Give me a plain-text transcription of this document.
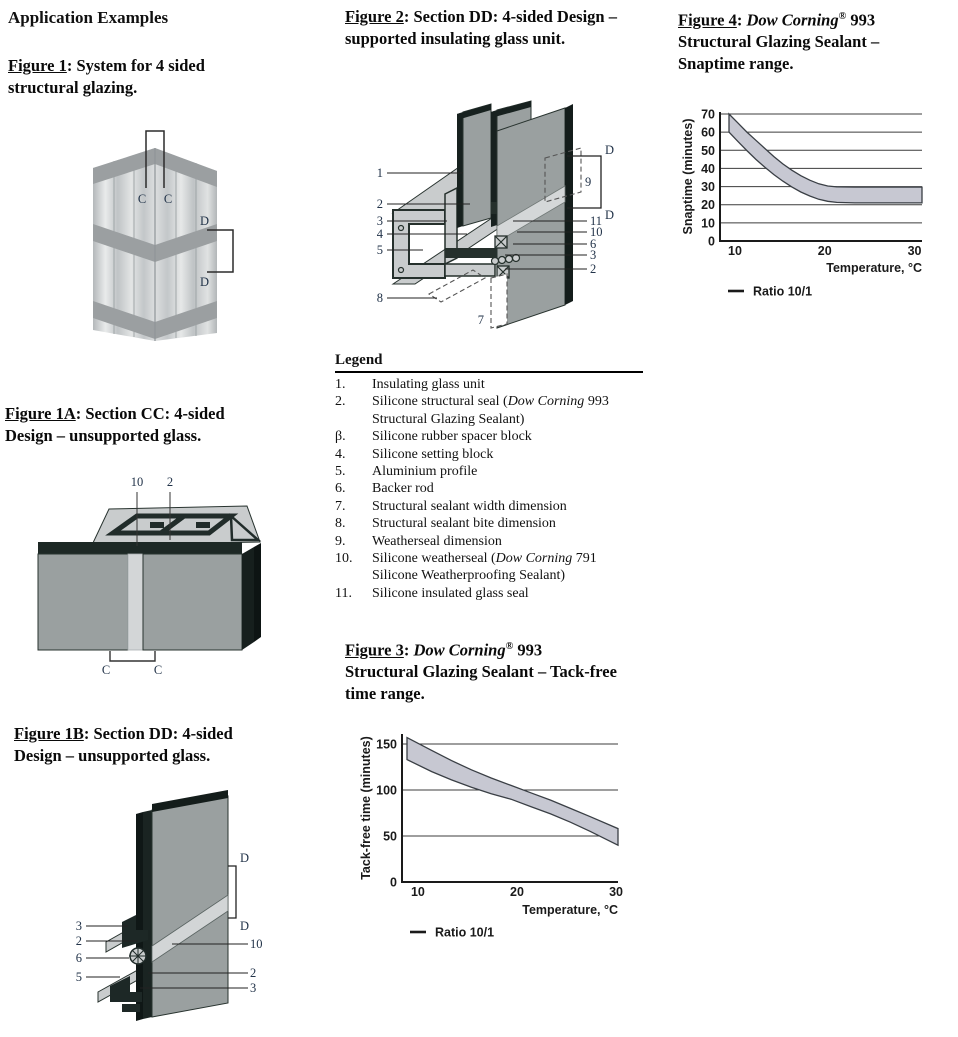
Application Examples
Figure 1: System for 4 sided structural glazing.
C C
D
D
Figure 1A: Section CC: 4-sided Design – unsupported glass.
10 2
C	C
Figure 1B: Section DD: 4-sided Design – unsupported glass.
3
2
6
5
D
D
10
2
3
Figure 2: Section DD: 4-sided Design – supported insulating glass unit.
1
2
3
4
5
8
D
9
D
11
10
6
3
2
7
Legend
1.	Insulating glass unit
2.	Silicone structural seal (Dow Corning 993 Structural Glazing Sealant)
β.	Silicone rubber spacer block
4.	Silicone setting block
5.	Aluminium profile
6.	Backer rod
7.	Structural sealant width dimension
8.	Structural sealant bite dimension
9.	Weatherseal dimension
10.	Silicone weatherseal (Dow Corning 791 Silicone Weatherproofing Sealant)
11.	Silicone insulated glass seal
Figure 3: Dow Corning® 993 Structural Glazing Sealant – Tack-free time range.
0
50
100
150
10	20	30
Temperature, °C
Tack-free time (minutes)
Ratio 10/1
Figure 4: Dow Corning® 993 Structural Glazing Sealant – Snaptime range.
0
10
20
30
40
50
60
70
10	20	30
Temperature, °C
Snaptime (minutes)
Ratio 10/1
